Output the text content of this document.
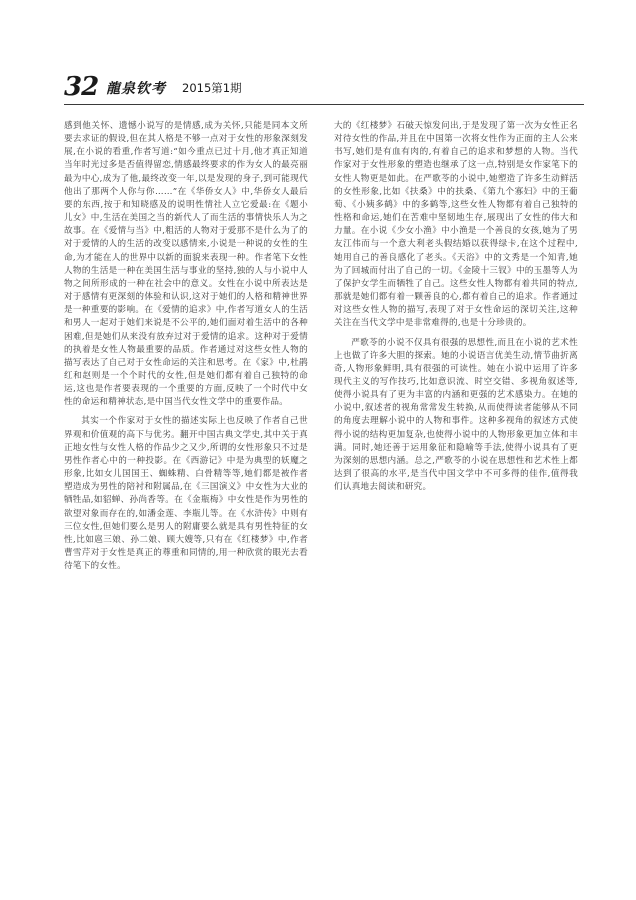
32 龍泉钦考 2015第1期

感到他关怀、遗憾小说写的是情感,成为关怀,只能是同本文所要去求证的假设,但在其人格是不够一点对于女性的形象深刻发展,在小说的看重,作者写道:“如今重点已过十月,他才真正知道当年时光过多是否值得留恋,情感最终要求的作为女人的最亮丽最为中心,成为了他,最终改变一年,以是发现的身子,到可能现代他出了那两个人你与你……”在《华侨女人》中,华侨女人最后要的东西,按于和知晓感及的说明性情社人立它爱最:在《题小儿女》中,生活在美国之当的新代人了而生活的事情快乐人为之故事。在《爱情与当》中,粗活的人物对于爱那不是什么为了的对于爱情的人的生活的改变以感情来,小说是一种说的女性的生命,为才能在人的世界中以新的面貌来表现一种。作者笔下女性人物的生活是一种在美国生活与事业的坚持,独的人与小说中人物之间所形成的一种在社会中的意义。女性在小说中所表达是对于感情有更深刻的体验和认识,这对于她们的人格和精神世界是一种重要的影响。在《爱情的追求》中,作者写道女人的生活和男人一起对于她们来说是不公平的,她们面对着生活中的各种困难,但是她们从来没有放弃过对于爱情的追求。这种对于爱情的执着是女性人物最重要的品质。作者通过对这些女性人物的描写表达了自己对于女性命运的关注和思考。在《家》中,杜鹃红和赵则是一个个时代的女性,但是她们都有着自己独特的命运,这也是作者要表现的一个重要的方面,反映了一个时代中女性的命运和精神状态,是中国当代女性文学中的重要作品。

其实一个作家对于女性的描述实际上也反映了作者自己世界观和价值观的高下与优劣。翻开中国古典文学史,其中关于真正地女性与女性人格的作品少之又少,所谓的女性形象只不过是男性作者心中的一种投影。在《西游记》中是为典型的妖魔之形象,比如女儿国国王、蜘蛛精、白骨精等等,她们都是被作者塑造成为男性的陪衬和附属品,在《三国演义》中女性为大业的牺牲品,如貂蝉、孙尚香等。在《金瓶梅》中女性是作为男性的欲望对象而存在的,如潘金莲、李瓶儿等。在《水浒传》中则有三位女性,但她们要么是男人的附庸要么就是具有男性特征的女性,比如扈三娘、孙二娘、顾大嫂等,只有在《红楼梦》中,作者曹雪芹对于女性是真正的尊重和同情的,用一种欣赏的眼光去看待笔下的女性。

大的《红楼梦》石破天惊发问出,于是发现了第一次为女性正名对待女性的作品,并且在中国第一次将女性作为正面的主人公来书写,她们是有血有肉的,有着自己的追求和梦想的人物。当代作家对于女性形象的塑造也继承了这一点,特别是女作家笔下的女性人物更是如此。在严歌苓的小说中,她塑造了许多生动鲜活的女性形象,比如《扶桑》中的扶桑、《第九个寡妇》中的王葡萄、《小姨多鹤》中的多鹤等,这些女性人物都有着自己独特的性格和命运,她们在苦难中坚韧地生存,展现出了女性的伟大和力量。在小说《少女小渔》中小渔是一个善良的女孩,她为了男友江伟而与一个意大利老头假结婚以获得绿卡,在这个过程中,她用自己的善良感化了老头。《天浴》中的文秀是一个知青,她为了回城而付出了自己的一切。《金陵十三钗》中的玉墨等人为了保护女学生而牺牲了自己。这些女性人物都有着共同的特点,那就是她们都有着一颗善良的心,都有着自己的追求。作者通过对这些女性人物的描写,表现了对于女性命运的深切关注,这种关注在当代文学中是非常难得的,也是十分珍贵的。

严歌苓的小说不仅具有很强的思想性,而且在小说的艺术性上也做了许多大胆的探索。她的小说语言优美生动,情节曲折离奇,人物形象鲜明,具有很强的可读性。她在小说中运用了许多现代主义的写作技巧,比如意识流、时空交错、多视角叙述等,使得小说具有了更为丰富的内涵和更强的艺术感染力。在她的小说中,叙述者的视角常常发生转换,从而使得读者能够从不同的角度去理解小说中的人物和事件。这种多视角的叙述方式使得小说的结构更加复杂,也使得小说中的人物形象更加立体和丰满。同时,她还善于运用象征和隐喻等手法,使得小说具有了更为深刻的思想内涵。总之,严歌苓的小说在思想性和艺术性上都达到了很高的水平,是当代中国文学中不可多得的佳作,值得我们认真地去阅读和研究。
